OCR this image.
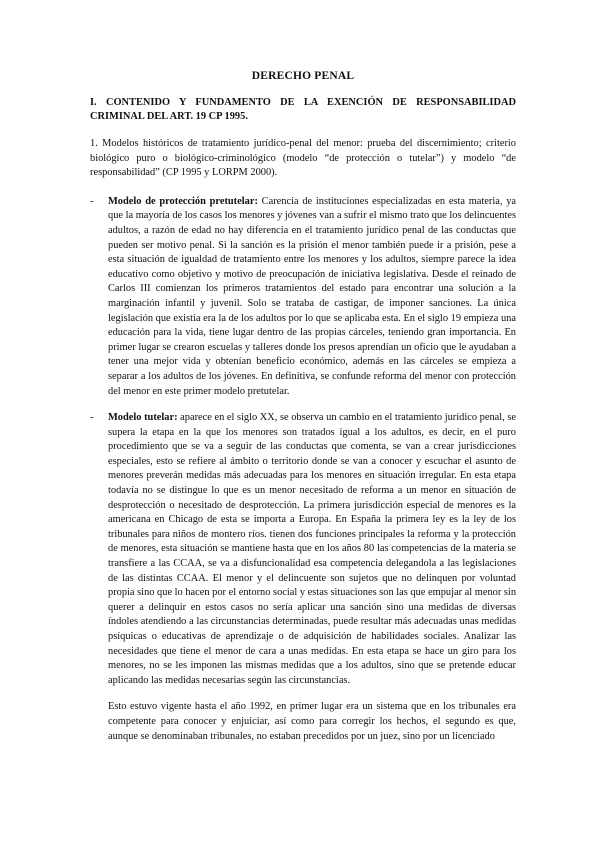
DERECHO PENAL
I. CONTENIDO Y FUNDAMENTO DE LA EXENCIÓN DE RESPONSABILIDAD CRIMINAL DEL ART. 19 CP 1995.
1. Modelos históricos de tratamiento jurídico-penal del menor: prueba del discernimiento; criterio biológico puro o biológico-criminológico (modelo “de protección o tutelar”) y modelo “de responsabilidad” (CP 1995 y LORPM 2000).
- Modelo de protección pretutelar: Carencia de instituciones especializadas en esta materia, ya que la mayoría de los casos los menores y jóvenes van a sufrir el mismo trato que los delincuentes adultos, a razón de edad no hay diferencia en el tratamiento jurídico penal de las conductas que pueden ser motivo penal. Si la sanción es la prisión el menor también puede ir a prisión, pese a esta situación de igualdad de tratamiento entre los menores y los adultos, siempre parece la idea educativo como objetivo y motivo de preocupación de iniciativa legislativa. Desde el reinado de Carlos III comienzan los primeros tratamientos del estado para encontrar una solución a la marginación infantil y juvenil. Solo se trataba de castigar, de imponer sanciones. La única legislación que existía era la de los adultos por lo que se aplicaba esta. En el siglo 19 empieza una educación para la vida, tiene lugar dentro de las propias cárceles, teniendo gran importancia. En primer lugar se crearon escuelas y talleres donde los presos aprendían un oficio que le ayudaban a tener una mejor vida y obtenían beneficio económico, además en las cárceles se empieza a separar a los adultos de los jóvenes. En definitiva, se confunde reforma del menor con protección del menor en este primer modelo pretutelar.
- Modelo tutelar: aparece en el siglo XX, se observa un cambio en el tratamiento jurídico penal, se supera la etapa en la que los menores son tratados igual a los adultos, es decir, en el puro procedimiento que se va a seguir de las conductas que comenta, se van a crear jurisdicciones especiales, esto se refiere al ámbito o territorio donde se van a conocer y escuchar el asunto de menores preverán medidas más adecuadas para los menores en situación irregular. En esta etapa todavía no se distingue lo que es un menor necesitado de reforma a un menor en situación de desprotección o necesitado de desprotección. La primera jurisdicción especial de menores es la americana en Chicago de esta se importa a Europa. En España la primera ley es la ley de los tribunales para niños de montero ríos. tienen dos funciones principales la reforma y la protección de menores, esta situación se mantiene hasta que en los años 80 las competencias de la materia se transfiere a las CCAA, se va a disfuncionalidad esa competencia delegandola a las legislaciones de las distintas CCAA. El menor y el delincuente son sujetos que no delinquen por voluntad propia sino que lo hacen por el entorno social y estas situaciones son las que empujar al menor sin querer a delinquir en estos casos no sería aplicar una sanción sino una medidas de diversas índoles atendiendo a las circunstancias determinadas, puede resultar más adecuadas unas medidas psíquicas o educativas de aprendizaje o de adquisición de habilidades sociales. Analizar las necesidades que tiene el menor de cara a unas medidas. En esta etapa se hace un giro para los menores, no se les imponen las mismas medidas que a los adultos, sino que se pretende educar aplicando las medidas necesarias según las circunstancias.
Esto estuvo vigente hasta el año 1992, en primer lugar era un sistema que en los tribunales era competente para conocer y enjuiciar, así como para corregir los hechos, el segundo es que, aunque se denominaban tribunales, no estaban precedidos por un juez, sino por un licenciado
